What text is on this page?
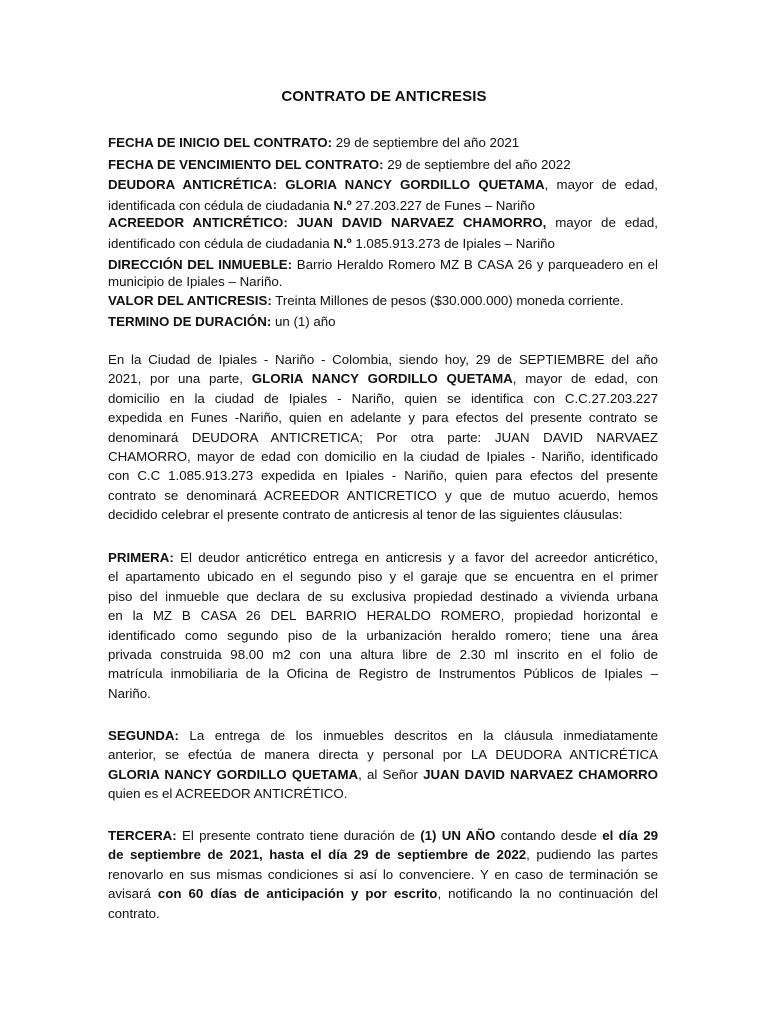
CONTRATO DE ANTICRESIS
FECHA DE INICIO DEL CONTRATO: 29 de septiembre del año 2021
FECHA DE VENCIMIENTO DEL CONTRATO: 29 de septiembre del año 2022
DEUDORA ANTICRÉTICA: GLORIA NANCY GORDILLO QUETAMA, mayor de edad,
identificada con cédula de ciudadania N.º 27.203.227 de Funes – Nariño
ACREEDOR ANTICRÉTICO: JUAN DAVID NARVAEZ CHAMORRO, mayor de edad,
identificado con cédula de ciudadania N.º 1.085.913.273 de Ipiales – Nariño
DIRECCIÓN DEL INMUEBLE: Barrio Heraldo Romero MZ B CASA 26 y parqueadero en el
municipio de Ipiales – Nariño.
VALOR DEL ANTICRESIS: Treinta Millones de pesos ($30.000.000) moneda corriente.
TERMINO DE DURACIÓN: un (1) año
En la Ciudad de Ipiales - Nariño - Colombia, siendo hoy, 29 de SEPTIEMBRE del año
2021, por una parte, GLORIA NANCY GORDILLO QUETAMA, mayor de edad, con
domicilio en la ciudad de Ipiales - Nariño, quien se identifica con C.C.27.203.227
expedida en Funes -Nariño, quien en adelante y para efectos del presente contrato se
denominará DEUDORA ANTICRETICA; Por otra parte: JUAN DAVID NARVAEZ
CHAMORRO, mayor de edad con domicilio en la ciudad de Ipiales - Nariño, identificado
con C.C 1.085.913.273 expedida en Ipiales - Nariño, quien para efectos del presente
contrato se denominará ACREEDOR ANTICRETICO y que de mutuo acuerdo, hemos
decidido celebrar el presente contrato de anticresis al tenor de las siguientes cláusulas:
PRIMERA: El deudor anticrético entrega en anticresis y a favor del acreedor anticrético,
el apartamento ubicado en el segundo piso y el garaje que se encuentra en el primer
piso del inmueble que declara de su exclusiva propiedad destinado a vivienda urbana
en la MZ B CASA 26 DEL BARRIO HERALDO ROMERO, propiedad horizontal e
identificado como segundo piso de la urbanización heraldo romero; tiene una área
privada construida 98.00 m2 con una altura libre de 2.30 ml inscrito en el folio de
matrícula inmobiliaria de la Oficina de Registro de Instrumentos Públicos de Ipiales –
Nariño.
SEGUNDA: La entrega de los inmuebles descritos en la cláusula inmediatamente
anterior, se efectúa de manera directa y personal por LA DEUDORA ANTICRÉTICA
GLORIA NANCY GORDILLO QUETAMA, al Señor JUAN DAVID NARVAEZ CHAMORRO
quien es el ACREEDOR ANTICRÉTICO.
TERCERA: El presente contrato tiene duración de (1) UN AÑO contando desde el día 29
de septiembre de 2021, hasta el día 29 de septiembre de 2022, pudiendo las partes
renovarlo en sus mismas condiciones si así lo convenciere. Y en caso de terminación se
avisará con 60 días de anticipación y por escrito, notificando la no continuación del
contrato.
